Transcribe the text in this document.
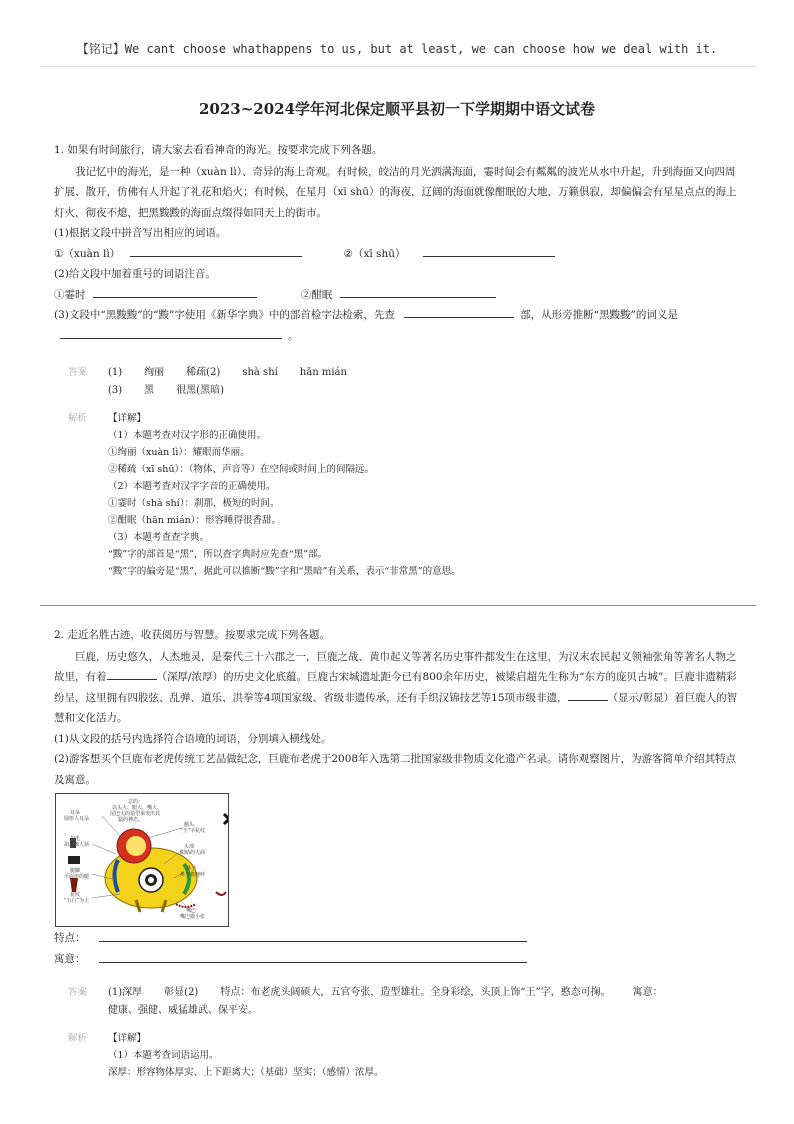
【铭记】We cant choose whathappens to us, but at least, we can choose how we deal with it.
2023~2024学年河北保定顺平县初一下学期期中语文试卷

1. 如果有时间旅行，请大家去看看神奇的海光。按要求完成下列各题。

我记忆中的海光，是一种（xuàn lì）、奇异的海上奇观。有时候，皎洁的月光洒满海面，霎 ·时间会有粼粼的波光从水中升起，升到海面又向四周扩展、散开，仿佛有人升起了礼花和焰火；有时候，在星月（xī shū）的海夜，辽阔的海面就像酣 ·眠的大地，万籁俱寂，却偏偏会有星星点点的海上灯火，彻夜不熄，把黑黢黢的海面点缀得如同天上的街市。

(1)根据文段中拼音写出相应的词语。

①（xuàn lì）	②（xī shū）

(2)给文段中加着重号的词语注音。

①霎时	②酣眠

(3)文段中“黑黢黢”的“黢”字使用《新华字典》中的部首检字法检索，先查	部，从形旁推断“黑黢黢”的词义是 。

答案 (1) 绚丽 稀疏(2) shà shí hān mián

(3) 黑 很黑(黑暗)

解析 【详解】

（1）本题考查对汉字形的正确使用。

①绚丽（xuàn lì）：耀眼而华丽。

②稀疏（xī shū）：（物体、声音等）在空间或时间上的间隔远。

（2）本题考查对汉字字音的正确使用。

①霎时（shà shí）：刹那，极短的时间。

②酣眠（hān mián）：形容睡得很香甜。

（3）本题考查查字典。

“黢”字的部首是“黑”，所以查字典时应先查“黑”部。

“黢”字的偏旁是“黑”，据此可以推断“黢”字和“黑暗”有关系，表示“非常黑”的意思。

2. 走近名胜古迹，收获阅历与智慧。按要求完成下列各题。

巨鹿，历史悠久，人杰地灵，是秦代三十六郡之一，巨鹿之战、黄巾起义等著名历史事件都发生在这里，为汉末农民起义领袖张角等著名人物之故里，有着	（深厚/浓厚）的历史文化底蕴。巨鹿古宋城遗址距今已有800余年历史，被梁启超先生称为“东方的庞贝古城”。巨鹿非遗精彩纷呈，这里拥有四股弦、乱弹、道乐、洪拳等4项国家级、省级非遗传承，还有手织汉锦技艺等15项市级非遗，	（显示/彰显）着巨鹿人的智慧和文化活力。

(1)从文段的括号内选择符合语境的词语，分别填入横线处。

(2)游客想买个巨鹿布老虎传统工艺品做纪念，巨鹿布老虎于2008年入选第二批国家级非物质文化遗产名录。请你观察图片，为游客简单介绍其特点及寓意。

总的：
以头大、眼大、嘴大、
尾巴大的造型来突出其
猛的神态。
耳朵
圆形人耳朵
胡毛
胡毛像人须
腿脚
平面形的腿
花纹
“五行”为主
额头
“王”字花纹
头部
眼睛的大面
鼻子
鼻子微翘呼
嘴巴
嘴巴微小张
特点：
寓意：
答案 (1)深厚 彰显(2) 特点：布老虎头阔硕大，五官夸张，造型雄壮。全身彩绘，头顶上饰“王”字，憨态可掬。 寓意：

健康、强健、威猛雄武、保平安。

解析 【详解】

（1）本题考查词语运用。

深厚：形容物体厚实、上下距离大；（基础）坚实；（感情）浓厚。
